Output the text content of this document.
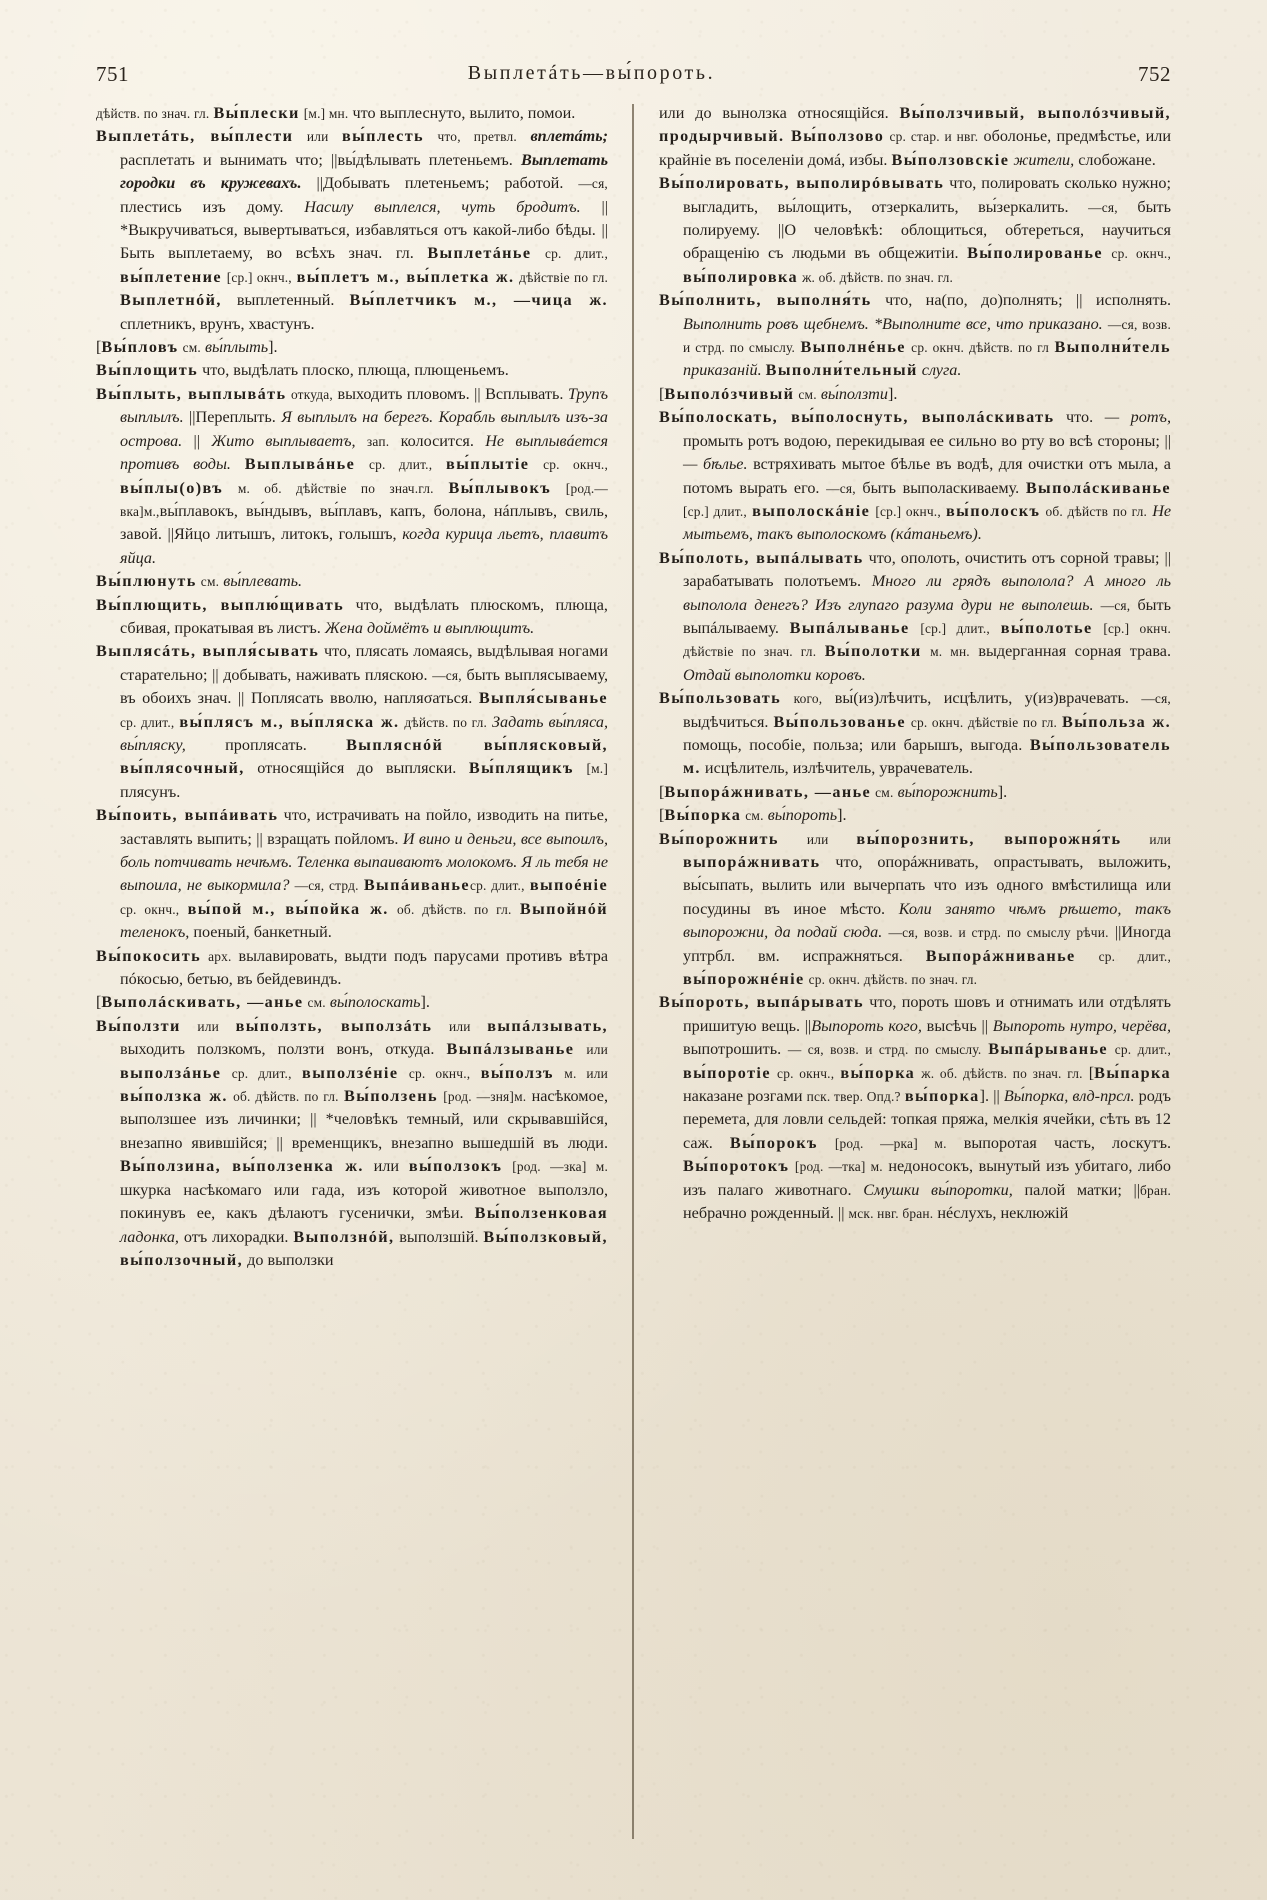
751	Выплетáть—вы́пороть.	752

дѣйств. по знач. гл. Вы́плески [м.] мн. что выплеснуто, вылито, помои.

Выплетáть, вы́плести или вы́плесть что, претвл. вплетáть; расплетать и вынимать что; ||вы́дѣлывать плетеньемъ. Выплетать городки въ кружевахъ. ||Добывать плетеньемъ; работой. —ся, плестись изъ дому. Насилу выплелся, чуть бродитъ. || *Выкручиваться, вывертываться, избавляться отъ какой-либо бѣды. ||Быть выплетаему, во всѣхъ знач. гл. Выплетáнье ср. длит., вы́плетение [ср.] окнч., вы́плетъ м., вы́плетка ж. дѣйствіе по гл. Выплетнóй, выплетенный. Вы́плетчикъ м., —чица ж. сплетникъ, врунъ, хвастунъ.

[Вы́пловъ см. вы́плыть].

Вы́площить что, выдѣлать плоско, плюща, плющеньемъ.

Вы́плыть, выплывáть откуда, выходить пловомъ. || Всплывать. Трупъ выплылъ. ||Переплыть. Я выплылъ на берегъ. Корабль выплылъ изъ-за острова. || Жито выплываетъ, зап. колосится. Не выплывáется противъ воды. Выплывáнье ср. длит., вы́плытіе ср. окнч., вы́плы(о)въ м. об. дѣйствіе по знач.гл. Вы́плывокъ [род.—вка]м.,вы́плавокъ, вы́ндывъ, вы́плавъ, капъ, болона, нáплывъ, свиль, завой. ||Яйцо литышъ, литокъ, голышъ, когда курица льетъ, плавитъ яйца.

Вы́плюнуть см. вы́плевать.

Вы́плющить, выплю́щивать что, выдѣлать плюскомъ, плюща, сбивая, прокатывая въ листъ. Жена доймётъ и выплющитъ.

Выплясáть, выпля́сывать что, плясать ломаясь, выдѣлывая ногами старательно; || добывать, наживать пляскою. —ся, быть выплясываему, въ обоихъ знач. || Поплясать вволю, напляσаться. Выпля́сыванье ср. длит., вы́плясъ м., вы́пляска ж. дѣйств. по гл. Задать вы́пляса, вы́пляску, проплясать. Выпляснóй вы́плясковый, вы́плясочный, относящійся до выпляски. Вы́плящикъ [м.] плясунъ.

Вы́поить, выпáивать что, истрачивать на пойло, изводить на питье, заставлять выпить; || взращать пойломъ. И вино и деньги, все выпоилъ, боль потчивать нечѣмъ. Теленка выпаиваютъ молокомъ. Я ль тебя не выпоила, не выкормила? —ся, стрд. Выпáиваньеср. длит., выпоéніе ср. окнч., вы́пой м., вы́пойка ж. об. дѣйств. по гл. Выпойнóй теленокъ, поеный, банкетный.

Вы́покосить арх. вылавировать, выдти подъ парусами противъ вѣтра пóкосью, бетью, въ бейдевиндъ.

[Выполáскивать, —анье см. вы́полоскать].

Вы́ползти или вы́ползть, выползáть или выпáлзывать, выходить ползкомъ, ползти вонъ, откуда. Выпáлзыванье или выползáнье ср. длит., выползéніе ср. окнч., вы́ползъ м. или вы́ползка ж. об. дѣйств. по гл. Вы́ползень [род. —зня]м. насѣкомое, выползшее изъ личинки; || *человѣкъ темный, или скрывавшійся, внезапно явившійся; || временщикъ, внезапно вышедшій въ люди. Вы́ползина, вы́ползенка ж. или вы́ползокъ [род. —зка] м. шкурка насѣкомаго или гада, изъ которой животное выползло, покинувъ ее, какъ дѣлаютъ гусенички, змѣи. Вы́ползенковая ладонка, отъ лихорадки. Выползнóй, выползшій. Вы́ползковый, вы́ползочный, до выползки

или до вынолзка относящійся. Вы́ползчивый, выполóзчивый, продырчивый. Вы́ползово ср. стар. и нвг. оболонье, предмѣстье, или крайніе въ поселеніи домá, избы. Вы́ползовскіе жители, слобожане.

Вы́полировать, выполирóвывать что, полировать сколько нужно; выгладить, вы́лощить, отзеркалить, вы́зеркалить. —ся, быть полируему. ||О человѣкѣ: облощиться, обтереться, научиться обращенію съ людьми въ общежитіи. Вы́полированье ср. окнч., вы́полировка ж. об. дѣйств. по знач. гл.

Вы́полнить, выполня́ть что, на(по, до)полнять; || исполнять. Выполнить ровъ щебнемъ. *Выполните все, что приказано. —ся, возв. и стрд. по смыслу. Выполнéнье ср. окнч. дѣйств. по гл Выполни́тель приказаній. Выполни́тельный слуга.

[Выполóзчивый см. вы́ползти].

Вы́полоскать, вы́полоснуть, выполáскивать что. — ротъ, промыть ротъ водою, перекидывая ее сильно во рту во всѣ стороны; || — бѣльe. встряхивать мытое бѣлье въ водѣ, для очистки отъ мыла, а потомъ вырать его. —ся, быть выполаскиваему. Выполáскиванье [ср.] длит., выполоскáніе [ср.] окнч., вы́полоскъ об. дѣйств по гл. Не мытьемъ, такъ выполоскомъ (кáтаньемъ).

Вы́полоть, выпáлывать что, ополоть, очистить отъ сорной травы; || зарабатывать полотьемъ. Много ли грядъ выполола? А много ль выполола денегъ? Изъ глупаго разума дури не выполешь. —ся, быть выпáлываему. Выпáлыванье [ср.] длит., вы́полотье [ср.] окнч. дѣйствіе по знач. гл. Вы́полотки м. мн. выдерганная сорная трава. Отдай выполотки коровъ.

Вы́пользовать кого, вы́(из)лѣчить, исцѣлить, у(из)врачевать. —ся, выдѣчиться. Вы́пользованье ср. окнч. дѣйствіе по гл. Вы́польза ж. помощь, пособіе, польза; или барышъ, выгода. Вы́пользователь м. исцѣлитель, излѣчитель, уврачеватель.

[Выпорáжнивать, —анье см. вы́порожнить].

[Вы́порка см. вы́пороть].

Вы́порожнить или вы́порознить, выпорожня́ть или выпорáжнивать что, опорáжнивать, опрастывать, выложить, вы́сыпать, вылить или вычерпать что изъ одного вмѣстилища или посудины въ иное мѣсто. Коли занято чѣмъ рѣшето, такъ выпорожни, да подай сюда. —ся, возв. и стрд. по смыслу рѣчи. ||Иногда уптрбл. вм. испражняться. Выпорáжниванье ср. длит., вы́порожнéніе ср. окнч. дѣйств. по знач. гл.

Вы́пороть, выпáрывать что, пороть шовъ и отнимать или отдѣлять пришитую вещь. ||Выпороть кого, высѣчь || Выпороть нутро, черёва, выпотрошить. — ся, возв. и стрд. по смыслу. Выпáрыванье ср. длит., вы́поротіе ср. окнч., вы́порка ж. об. дѣйств. по знач. гл. [Вы́парка наказане розгами пск. твер. Опд.? вы́порка]. || Вы́порка, влд-прсл. родъ перемета, для ловли сельдей: топкая пряжа, мелкія ячейки, сѣть въ 12 саж. Вы́порокъ [род. —рка] м. выпоротая часть, лоскутъ. Вы́поротокъ [род. —тка] м. недоносокъ, вынутый изъ убитаго, либо изъ палаго животнаго. Смушки вы́поротки, палой матки; ||бран. небрачно рожденный. || мск. нвг. бран. нéслухъ, неклюжій
